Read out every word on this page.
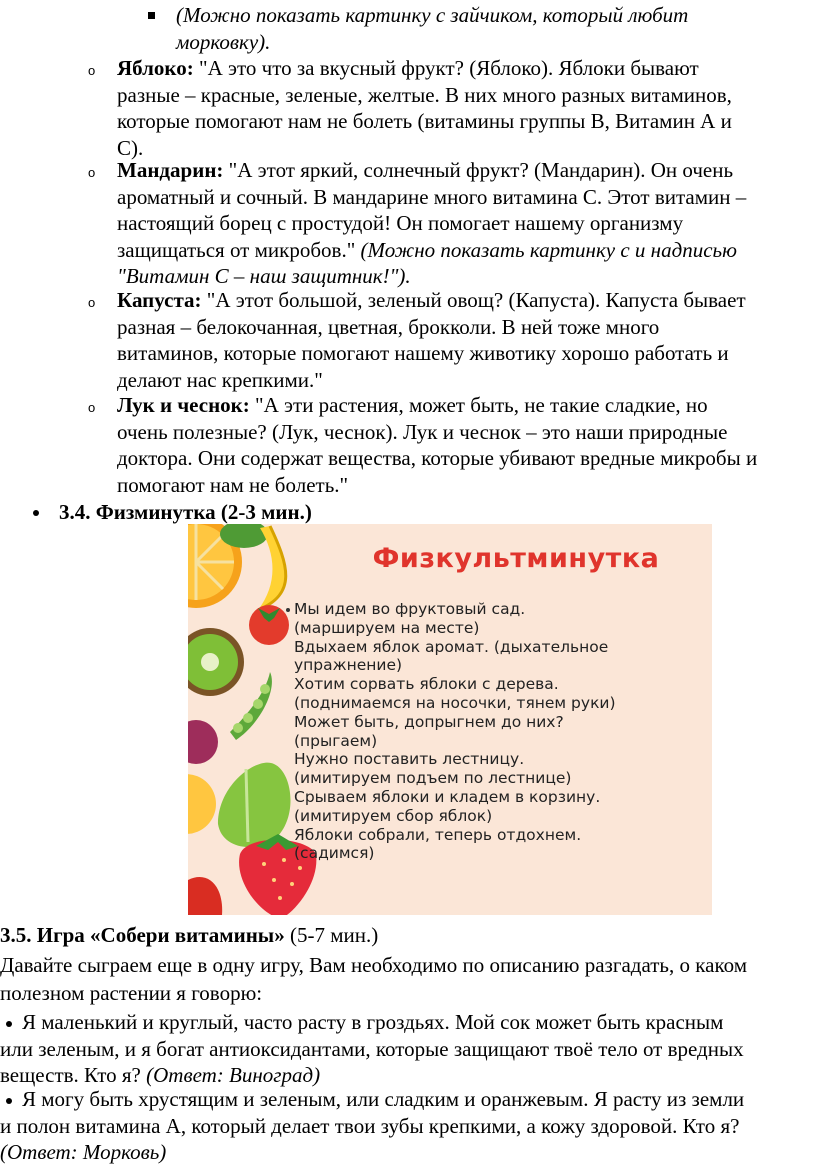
(Можно показать картинку с зайчиком, который любит
морковку).
o Яблоко: "А это что за вкусный фрукт? (Яблоко). Яблоки бывают
разные – красные, зеленые, желтые. В них много разных витаминов,
которые помогают нам не болеть (витамины группы В, Витамин А и
С).
o Мандарин: "А этот яркий, солнечный фрукт? (Мандарин). Он очень
ароматный и сочный. В мандарине много витамина С. Этот витамин –
настоящий борец с простудой! Он помогает нашему организму
защищаться от микробов." (Можно показать картинку с и надписью
"Витамин С – наш защитник!").
o Капуста: "А этот большой, зеленый овощ? (Капуста). Капуста бывает
разная – белокочанная, цветная, брокколи. В ней тоже много
витаминов, которые помогают нашему животику хорошо работать и
делают нас крепкими."
o Лук и чеснок: "А эти растения, может быть, не такие сладкие, но
очень полезные? (Лук, чеснок). Лук и чеснок – это наши природные
доктора. Они содержат вещества, которые убивают вредные микробы и
помогают нам не болеть."
3.4. Физминутка (2-3 мин.)
Физкультминутка
Мы идем во фруктовый сад.
(маршируем на месте)
Вдыхаем яблок аромат. (дыхательное
упражнение)
Хотим сорвать яблоки с дерева.
(поднимаемся на носочки, тянем руки)
Может быть, допрыгнем до них?
(прыгаем)
Нужно поставить лестницу.
(имитируем подъем по лестнице)
Срываем яблоки и кладем в корзину.
(имитируем сбор яблок)
Яблоки собрали, теперь отдохнем.
(садимся)
3.5. Игра «Собери витамины» (5-7 мин.)
Давайте сыграем еще в одну игру, Вам необходимо по описанию разгадать, о каком
полезном растении я говорю:
Я маленький и круглый, часто расту в гроздьях. Мой сок может быть красным
или зеленым, и я богат антиоксидантами, которые защищают твоё тело от вредных
веществ. Кто я? (Ответ: Виноград)
Я могу быть хрустящим и зеленым, или сладким и оранжевым. Я расту из земли
и полон витамина А, который делает твои зубы крепкими, а кожу здоровой. Кто я?
(Ответ: Морковь)
